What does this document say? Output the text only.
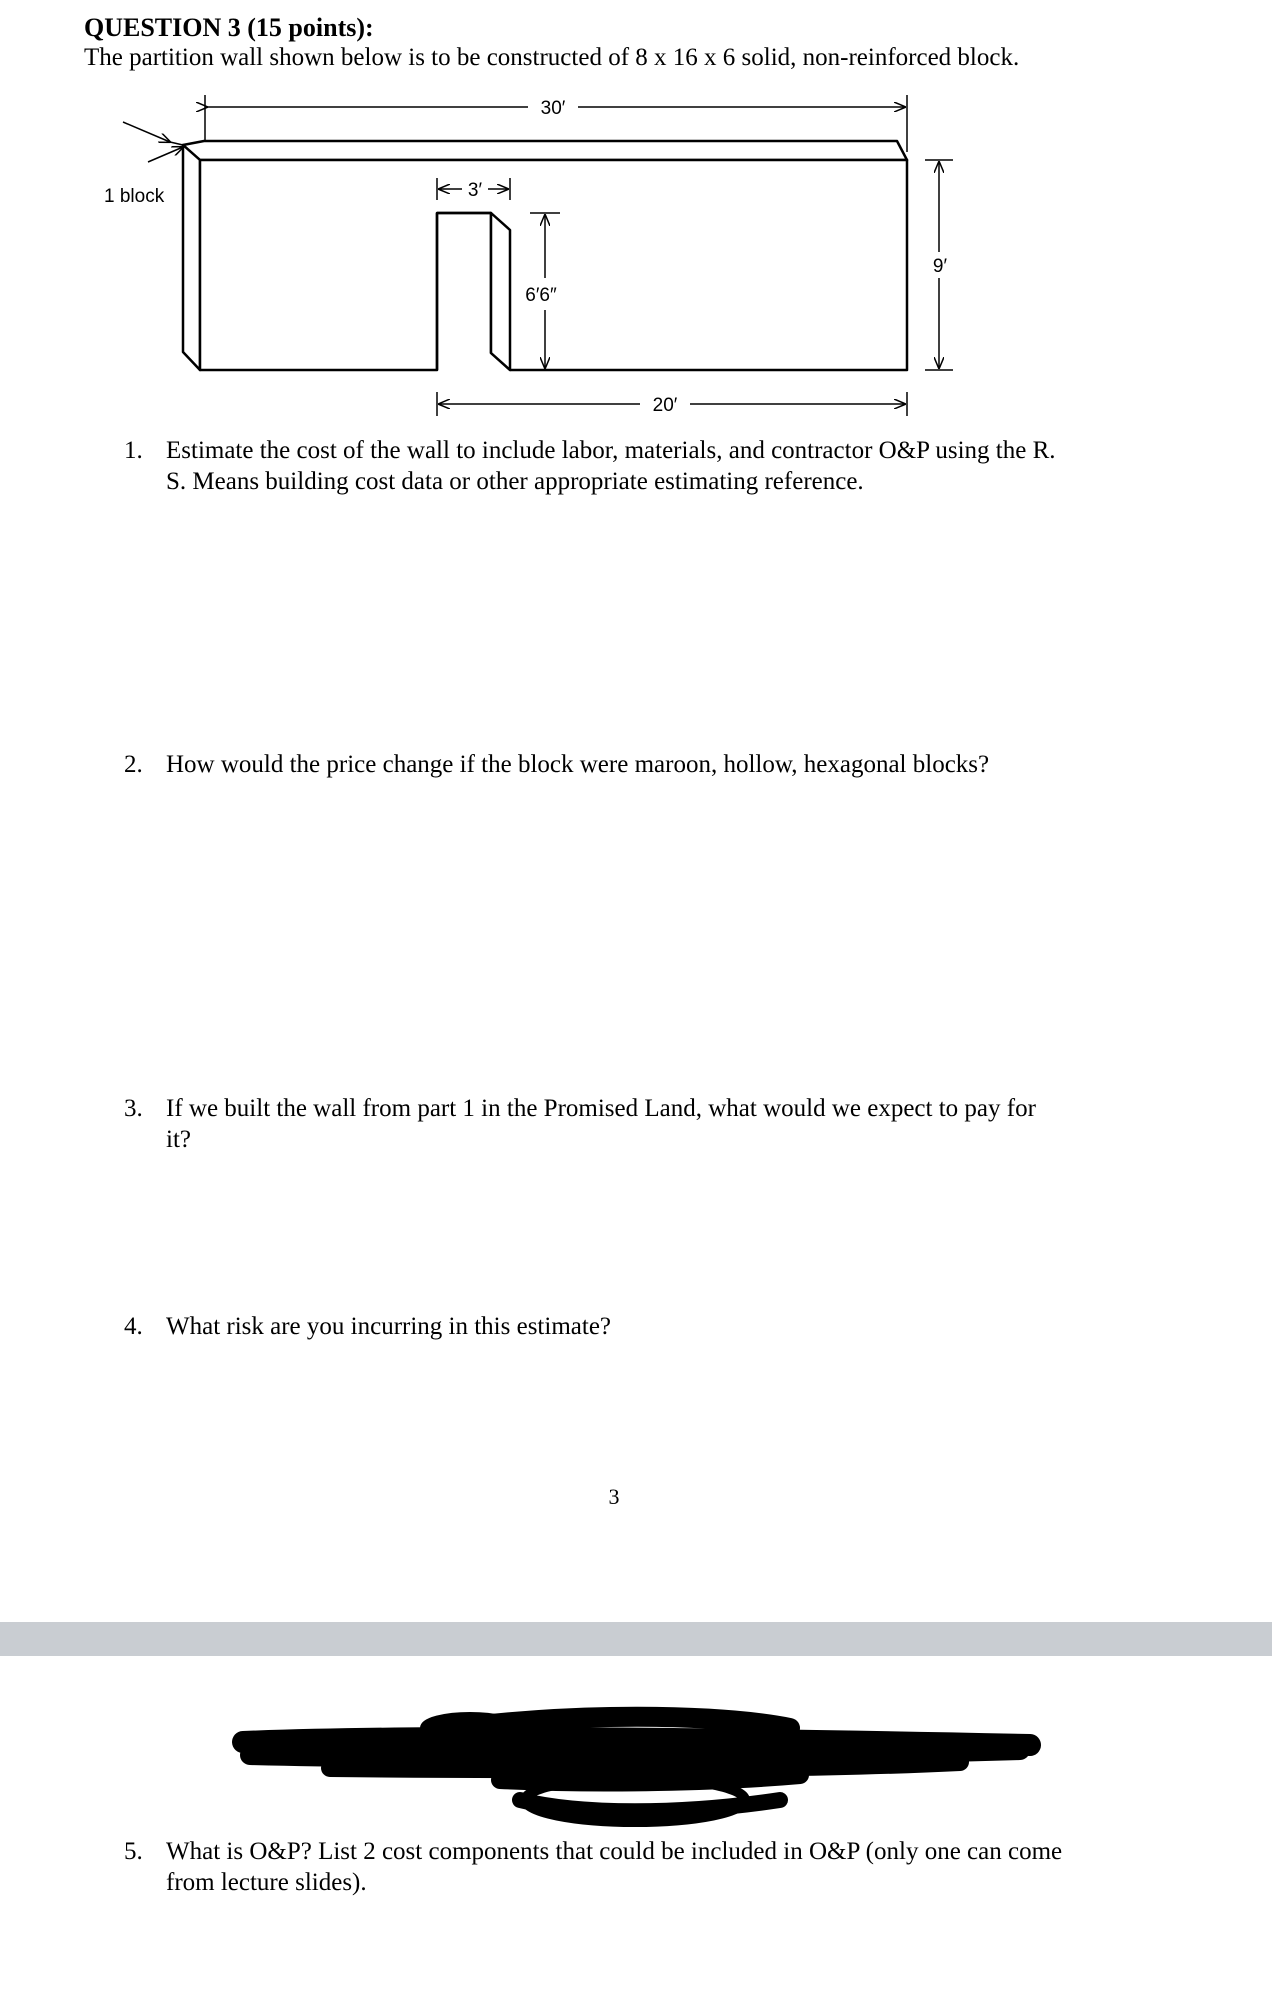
QUESTION 3 (15 points):
The partition wall shown below is to be constructed of 8 x 16 x 6 solid, non-reinforced block.
30′
1 block	3′
6′6″
9′
20′
1. Estimate the cost of the wall to include labor, materials, and contractor O&P using the R.
S. Means building cost data or other appropriate estimating reference.
2. How would the price change if the block were maroon, hollow, hexagonal blocks?
3. If we built the wall from part 1 in the Promised Land, what would we expect to pay for
it?
4. What risk are you incurring in this estimate?
3
5. What is O&P? List 2 cost components that could be included in O&P (only one can come
from lecture slides).
